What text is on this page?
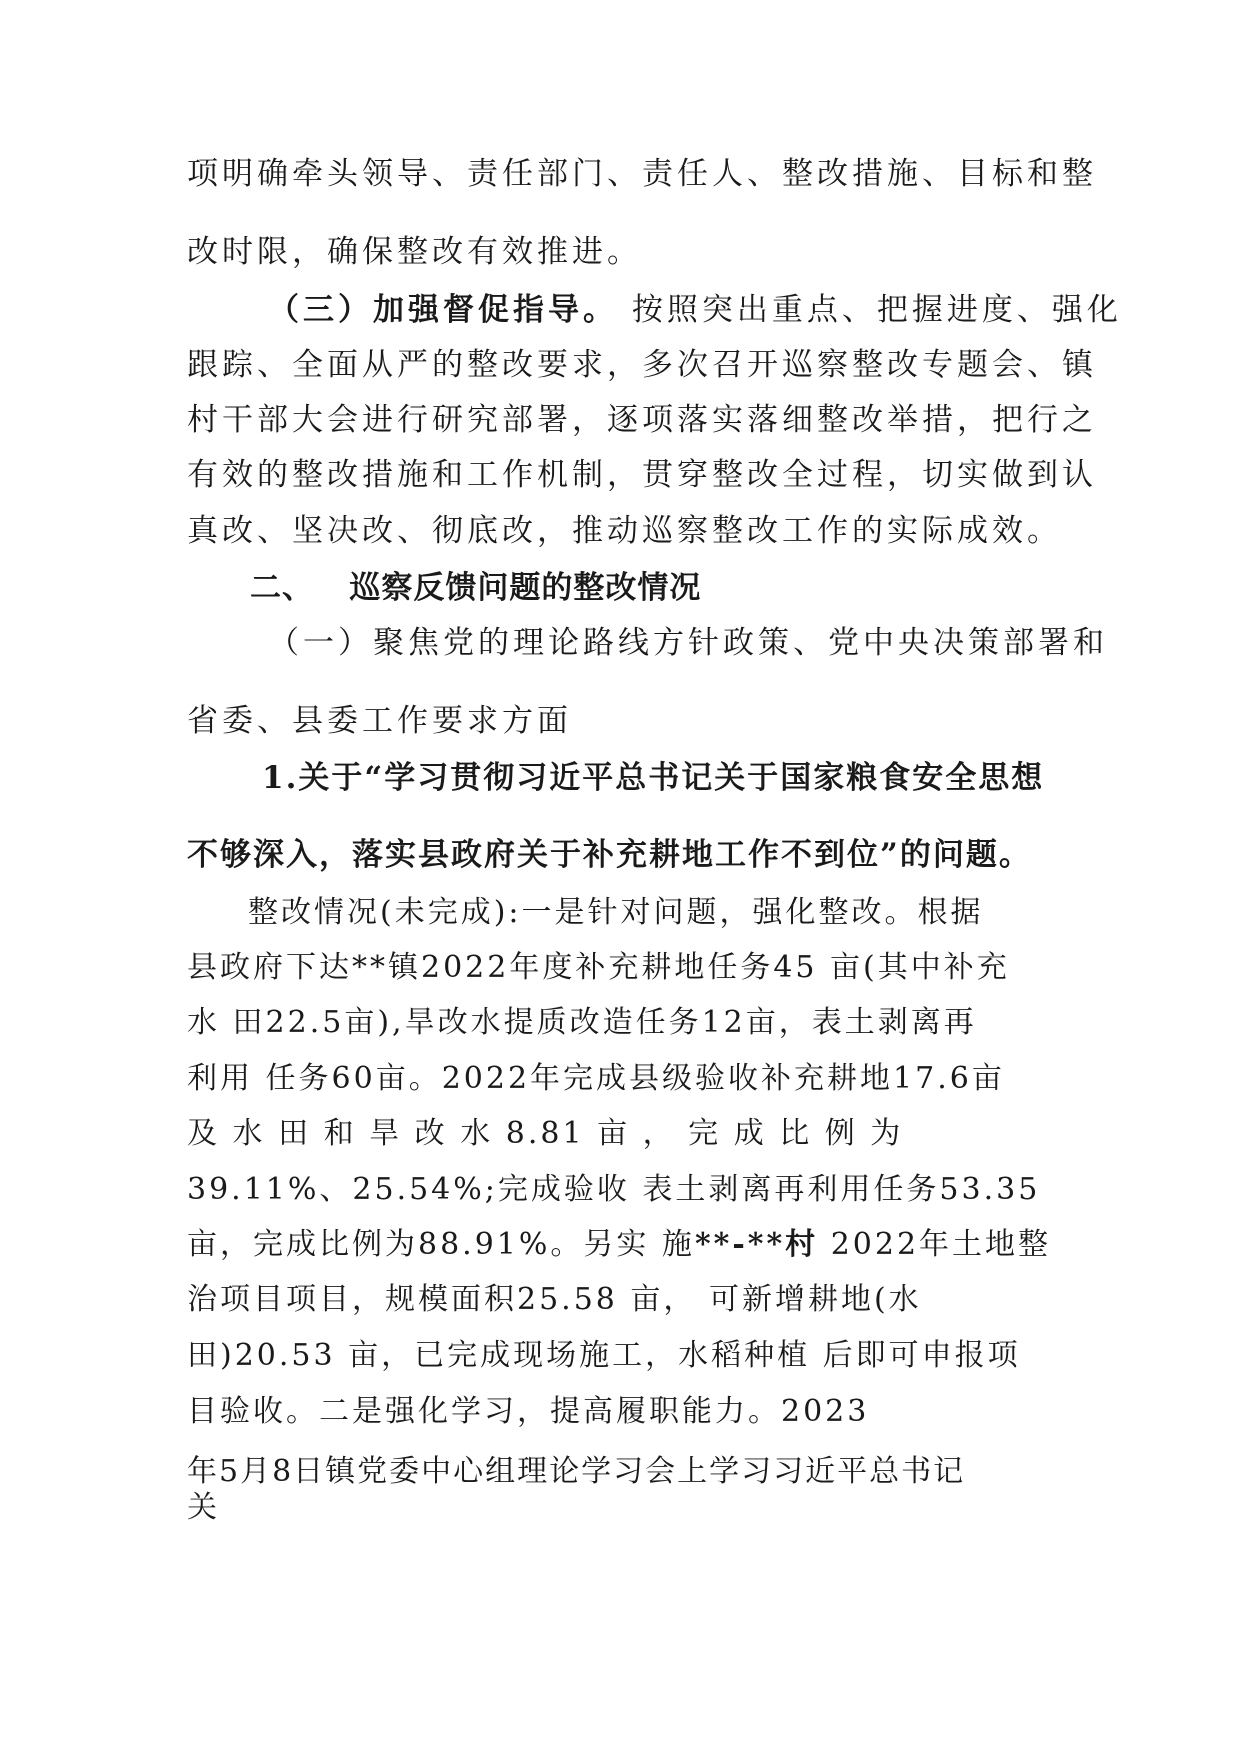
项明确牵头领导、责任部门、责任人、整改措施、目标和整
改时限，确保整改有效推进。
（三）加强督促指导。 按照突出重点、把握进度、强化
跟踪、全面从严的整改要求，多次召开巡察整改专题会、镇
村干部大会进行研究部署，逐项落实落细整改举措，把行之
有效的整改措施和工作机制，贯穿整改全过程，切实做到认
真改、坚决改、彻底改，推动巡察整改工作的实际成效。
二、 巡察反馈问题的整改情况
（一）聚焦党的理论路线方针政策、党中央决策部署和
省委、县委工作要求方面
1.关于“学习贯彻习近平总书记关于国家粮食安全思想
不够深入，落实县政府关于补充耕地工作不到位”的问题。
整改情况(未完成):一是针对问题，强化整改。根据
县政府下达**镇2022年度补充耕地任务45 亩(其中补充
水 田22.5亩),旱改水提质改造任务12亩，表土剥离再
利用 任务60亩。2022年完成县级验收补充耕地17.6亩
及 水 田 和 旱 改 水 8.81 亩 ， 完 成 比 例 为
39.11%、25.54%;完成验收 表土剥离再利用任务53.35
亩，完成比例为88.91%。另实 施**-**村 2022年土地整
治项目项目，规模面积25.58 亩， 可新增耕地(水
田)20.53 亩，已完成现场施工，水稻种植 后即可申报项
目验收。二是强化学习，提高履职能力。2023
年5月8日镇党委中心组理论学习会上学习习近平总书记
关
